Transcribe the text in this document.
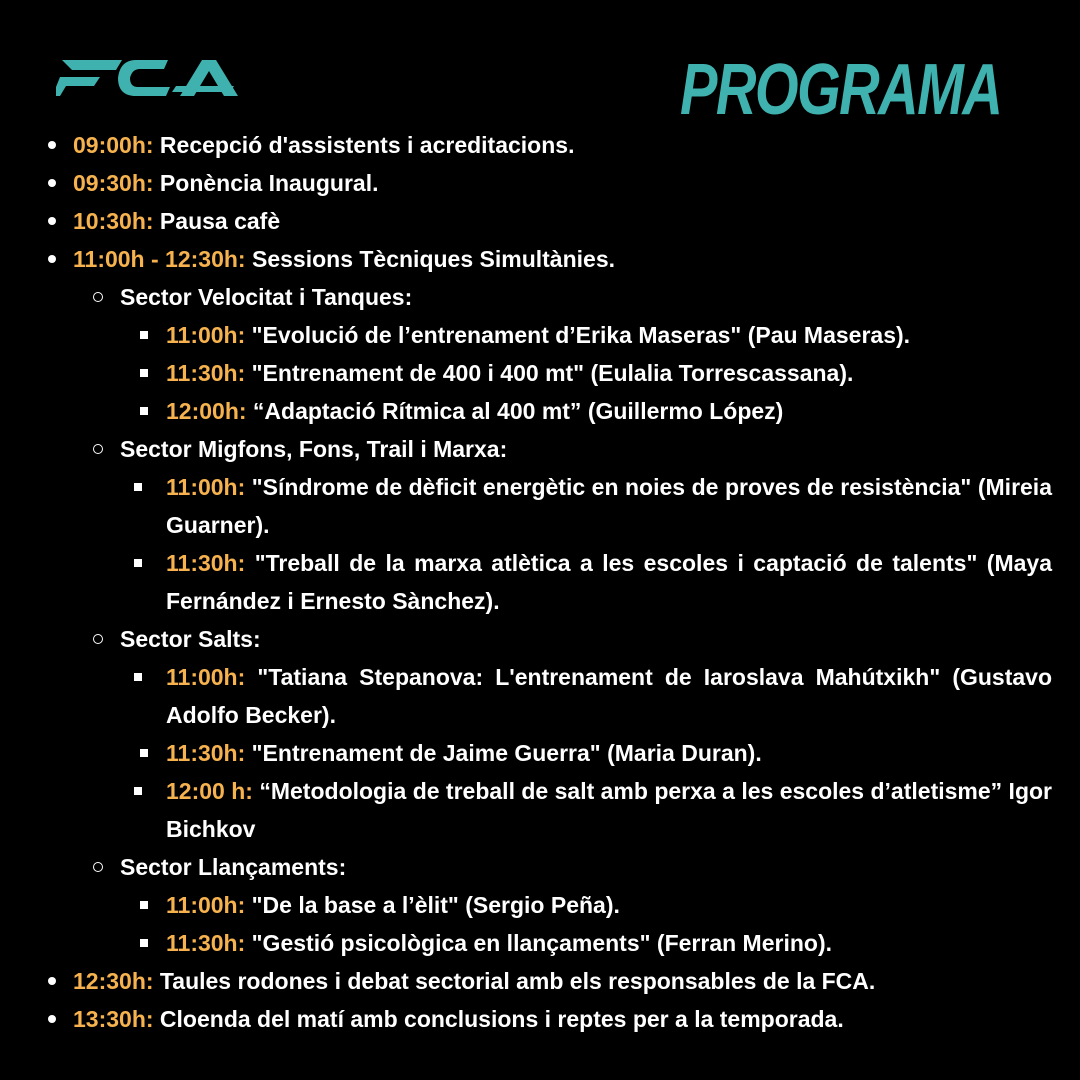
PROGRAMA
09:00h: Recepció d'assistents i acreditacions.
09:30h: Ponència Inaugural.
10:30h: Pausa cafè
11:00h - 12:30h: Sessions Tècniques Simultànies.
Sector Velocitat i Tanques:
11:00h: "Evolució de l’entrenament d’Erika Maseras" (Pau Maseras).
11:30h: "Entrenament de 400 i 400 mt" (Eulalia Torrescassana).
12:00h: “Adaptació Rítmica al 400 mt” (Guillermo López)
Sector Migfons, Fons, Trail i Marxa:
11:00h: "Síndrome de dèficit energètic en noies de proves de resistència" (Mireia Guarner).
11:30h: "Treball de la marxa atlètica a les escoles i captació de talents" (Maya Fernández i Ernesto Sànchez).
Sector Salts:
11:00h: "Tatiana Stepanova: L'entrenament de Iaroslava Mahútxikh" (Gustavo Adolfo Becker).
11:30h: "Entrenament de Jaime Guerra" (Maria Duran).
12:00 h: “Metodologia de treball de salt amb perxa a les escoles d’atletisme” Igor Bichkov
Sector Llançaments:
11:00h: "De la base a l’èlit" (Sergio Peña).
11:30h: "Gestió psicològica en llançaments" (Ferran Merino).
12:30h: Taules rodones i debat sectorial amb els responsables de la FCA.
13:30h: Cloenda del matí amb conclusions i reptes per a la temporada.
